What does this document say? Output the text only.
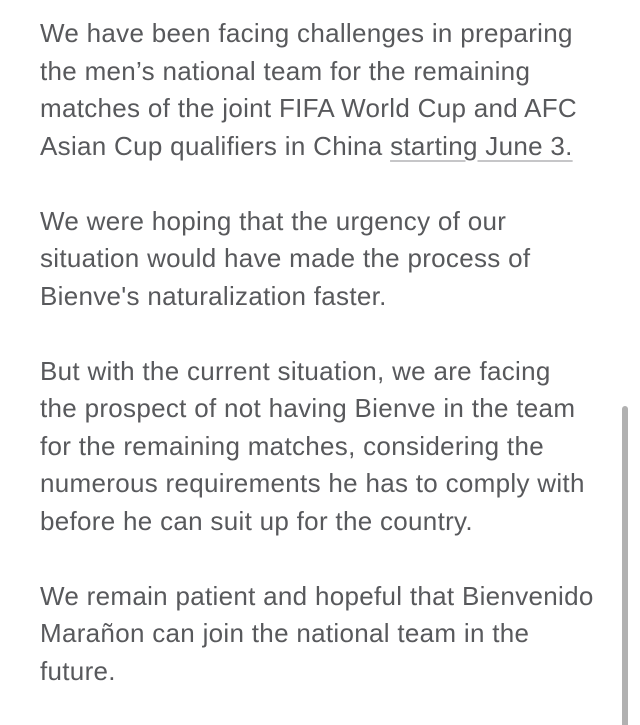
We have been facing challenges in preparing
the men’s national team for the remaining
matches of the joint FIFA World Cup and AFC
Asian Cup qualifiers in China starting June 3.

We were hoping that the urgency of our
situation would have made the process of
Bienve's naturalization faster.

But with the current situation, we are facing
the prospect of not having Bienve in the team
for the remaining matches, considering the
numerous requirements he has to comply with
before he can suit up for the country.

We remain patient and hopeful that Bienvenido
Marañon can join the national team in the
future.
